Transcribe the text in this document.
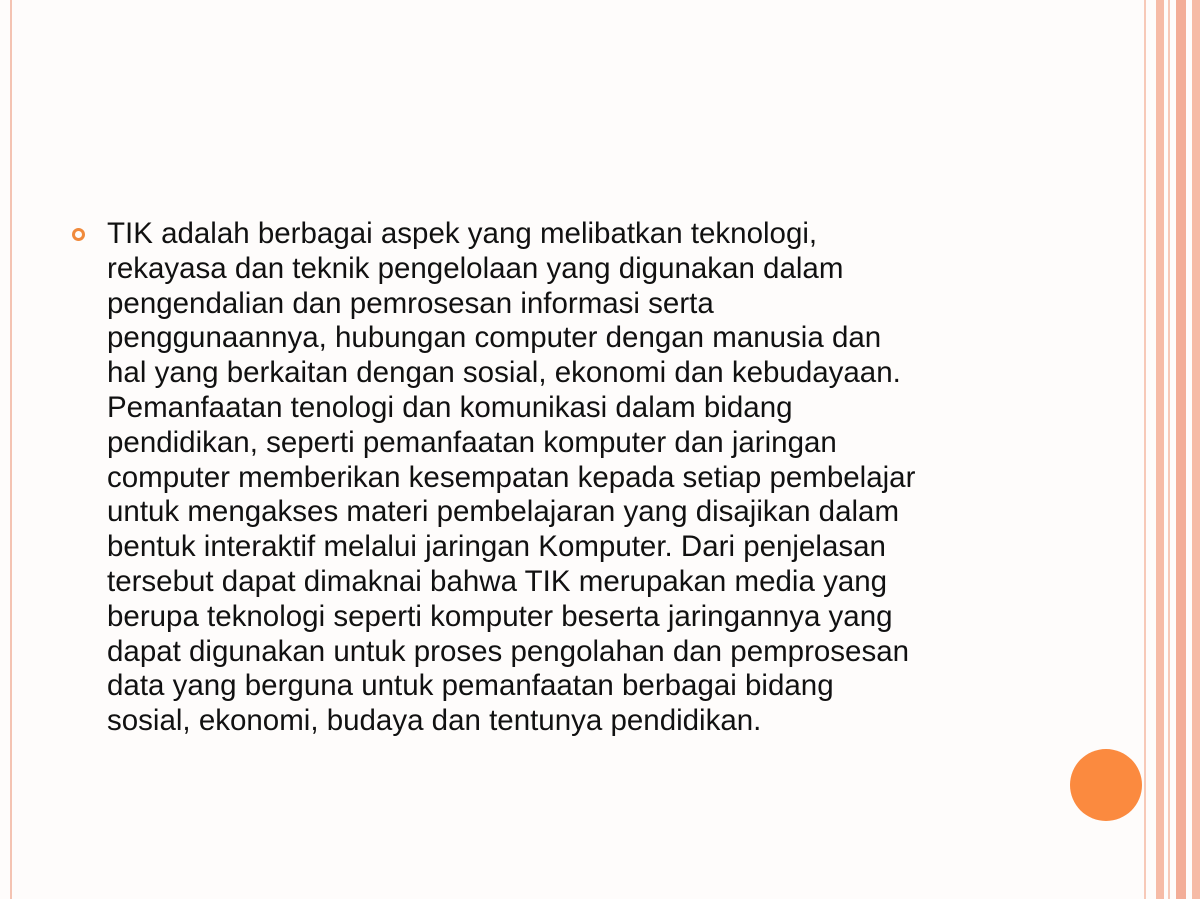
TIK adalah berbagai aspek yang melibatkan teknologi,
rekayasa dan teknik pengelolaan yang digunakan dalam
pengendalian dan pemrosesan informasi serta
penggunaannya, hubungan computer dengan manusia dan
hal yang berkaitan dengan sosial, ekonomi dan kebudayaan.
Pemanfaatan tenologi dan komunikasi dalam bidang
pendidikan, seperti pemanfaatan komputer dan jaringan
computer memberikan kesempatan kepada setiap pembelajar
untuk mengakses materi pembelajaran yang disajikan dalam
bentuk interaktif melalui jaringan Komputer. Dari penjelasan
tersebut dapat dimaknai bahwa TIK merupakan media yang
berupa teknologi seperti komputer beserta jaringannya yang
dapat digunakan untuk proses pengolahan dan pemprosesan
data yang berguna untuk pemanfaatan berbagai bidang
sosial, ekonomi, budaya dan tentunya pendidikan.
